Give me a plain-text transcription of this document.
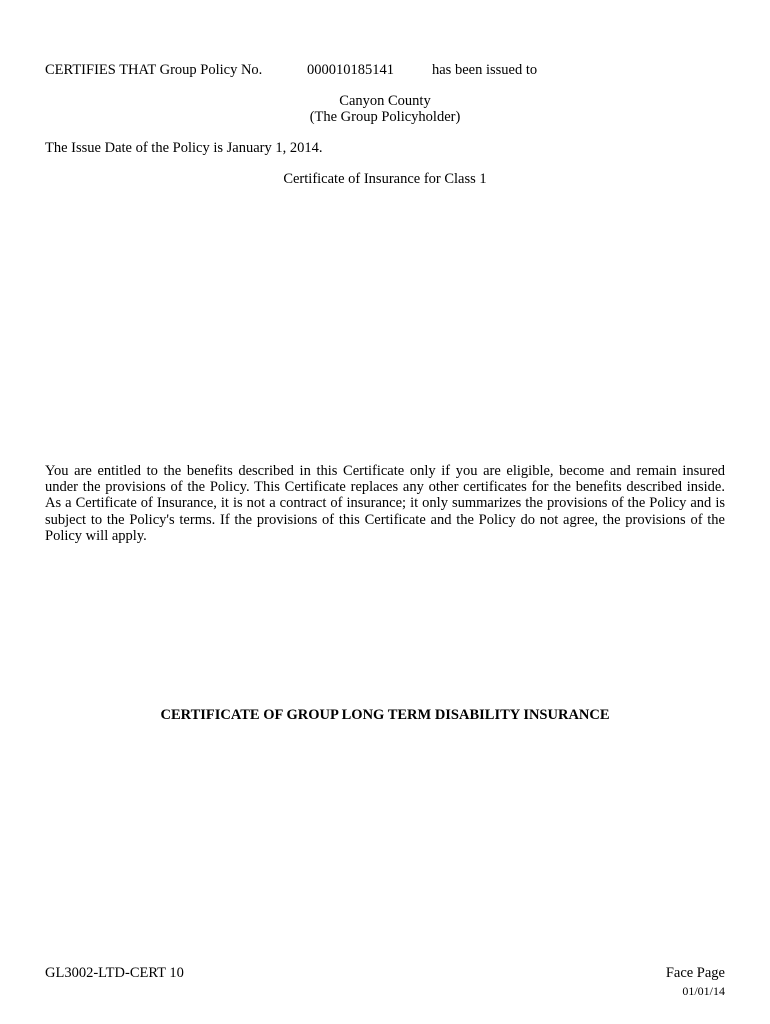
CERTIFIES THAT Group Policy No.	000010185141	has been issued to
Canyon County
(The Group Policyholder)
The Issue Date of the Policy is January 1, 2014.
Certificate of Insurance for Class 1
You are entitled to the benefits described in this Certificate only if you are eligible, become and remain insured under the provisions of the Policy. This Certificate replaces any other certificates for the benefits described inside. As a Certificate of Insurance, it is not a contract of insurance; it only summarizes the provisions of the Policy and is subject to the Policy's terms. If the provisions of this Certificate and the Policy do not agree, the provisions of the Policy will apply.
CERTIFICATE OF GROUP LONG TERM DISABILITY INSURANCE
GL3002-LTD-CERT 10	Face Page
01/01/14
